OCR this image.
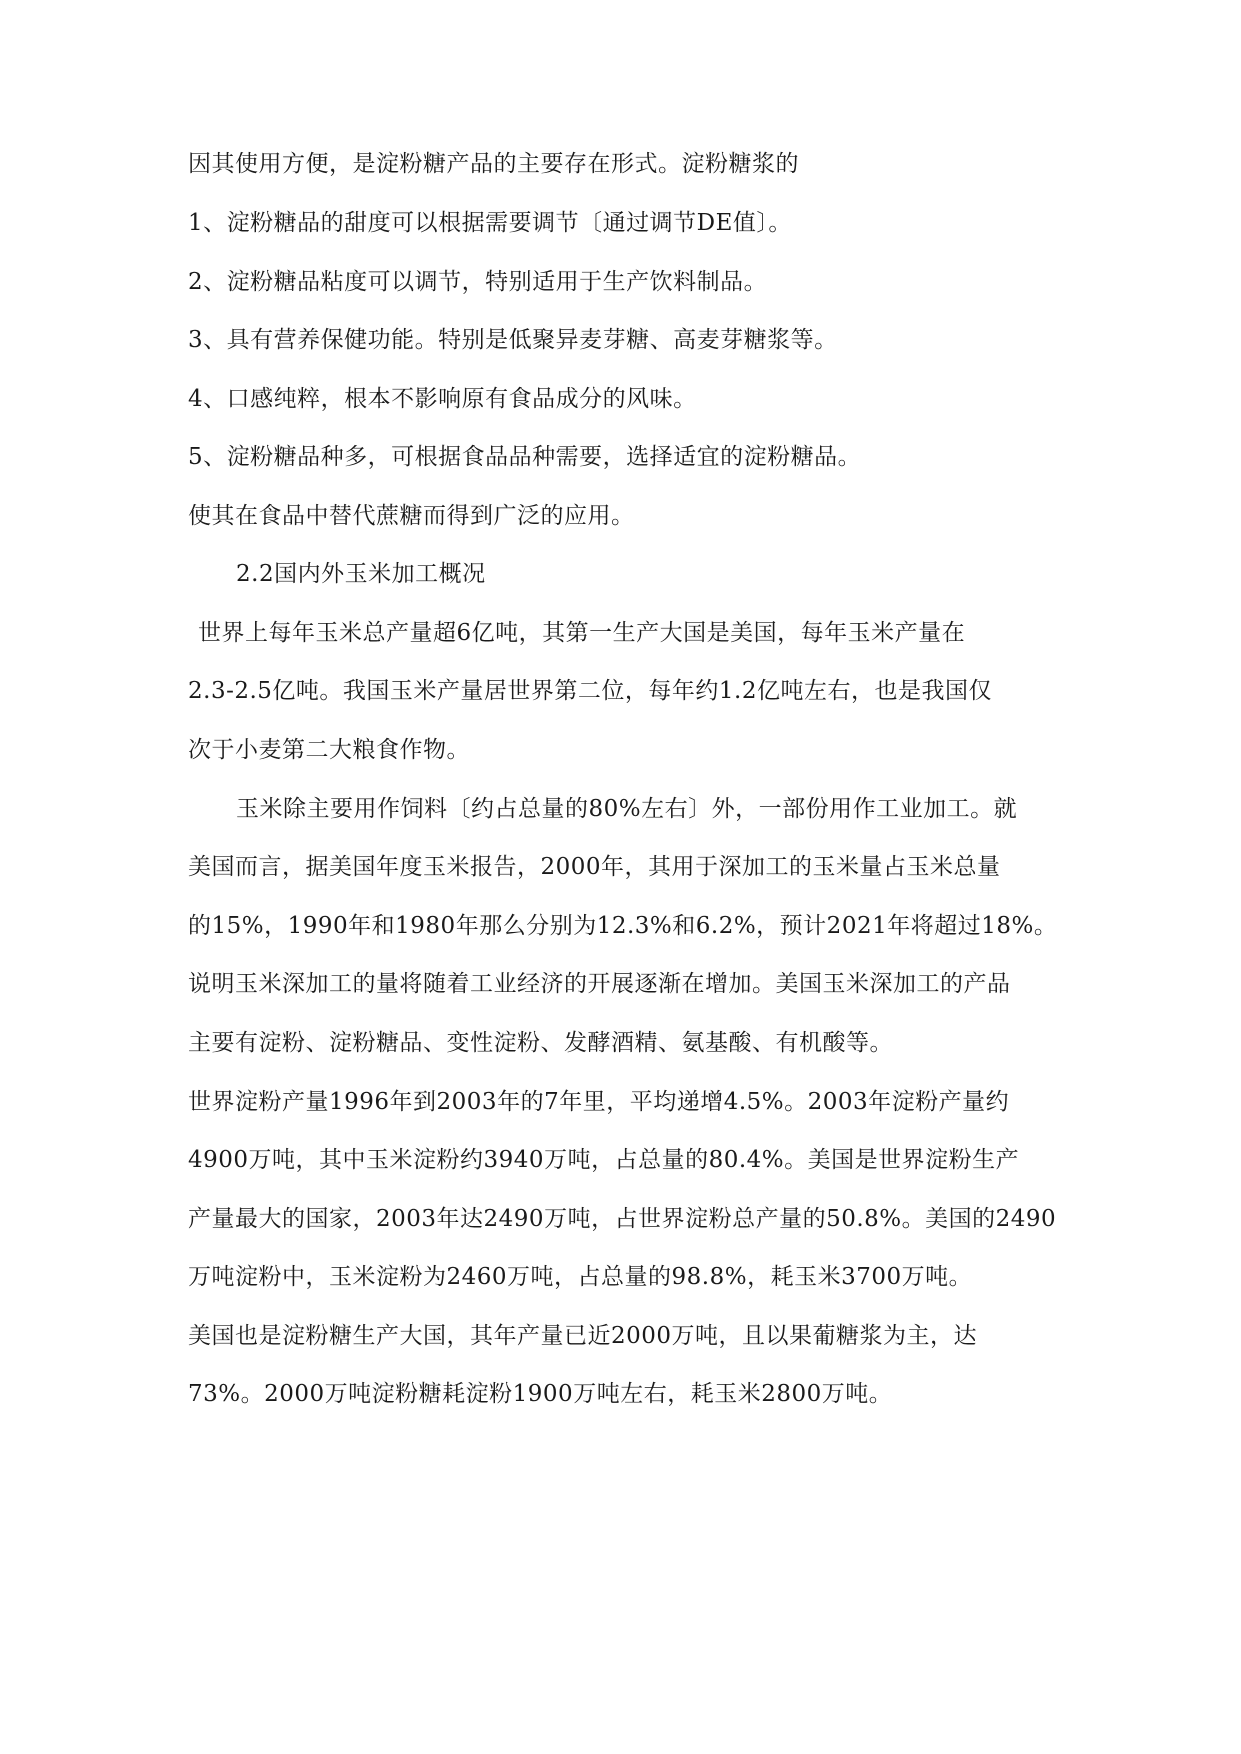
因其使用方便，是淀粉糖产品的主要存在形式。淀粉糖浆的
1、淀粉糖品的甜度可以根据需要调节〔通过调节DE值〕。
2、淀粉糖品粘度可以调节，特别适用于生产饮料制品。
3、具有营养保健功能。特别是低聚异麦芽糖、高麦芽糖浆等。
4、口感纯粹，根本不影响原有食品成分的风味。
5、淀粉糖品种多，可根据食品品种需要，选择适宜的淀粉糖品。
使其在食品中替代蔗糖而得到广泛的应用。
2.2国内外玉米加工概况
世界上每年玉米总产量超6亿吨，其第一生产大国是美国，每年玉米产量在
2.3-2.5亿吨。我国玉米产量居世界第二位，每年约1.2亿吨左右，也是我国仅
次于小麦第二大粮食作物。
玉米除主要用作饲料〔约占总量的80%左右〕外，一部份用作工业加工。就
美国而言，据美国年度玉米报告，2000年，其用于深加工的玉米量占玉米总量
的15%，1990年和1980年那么分别为12.3%和6.2%，预计2021年将超过18%。
说明玉米深加工的量将随着工业经济的开展逐渐在增加。美国玉米深加工的产品
主要有淀粉、淀粉糖品、变性淀粉、发酵酒精、氨基酸、有机酸等。
世界淀粉产量1996年到2003年的7年里，平均递增4.5%。2003年淀粉产量约
4900万吨，其中玉米淀粉约3940万吨，占总量的80.4%。美国是世界淀粉生产
产量最大的国家，2003年达2490万吨，占世界淀粉总产量的50.8%。美国的2490
万吨淀粉中，玉米淀粉为2460万吨，占总量的98.8%，耗玉米3700万吨。
美国也是淀粉糖生产大国，其年产量已近2000万吨，且以果葡糖浆为主，达
73%。2000万吨淀粉糖耗淀粉1900万吨左右，耗玉米2800万吨。
